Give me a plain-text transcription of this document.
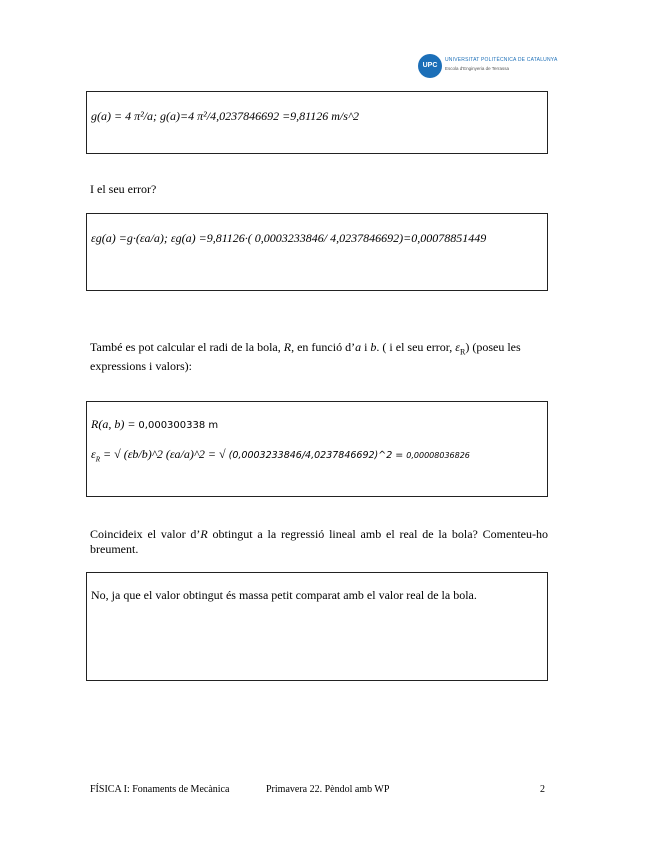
UPC
UNIVERSITAT POLITÈCNICA DE CATALUNYA
Escola d'Enginyeria de Terrassa
g(a) = 4 π²/a; g(a)=4 π²/4,0237846692 =9,81126 m/s^2
I el seu error?
εg(a) =g·(εa/a); εg(a) =9,81126·( 0,0003233846/ 4,0237846692)=0,00078851449
També es pot calcular el radi de la bola, R, en funció d’a i b. ( i el seu error, $\varepsilon_R$) (poseu les expressions i valors):
R(a, b) = 0,000300338 m
$\varepsilon_R$ = √ (εb/b)^2 (εa/a)^2 = √ (0,0003233846/4,0237846692)^2 = 0,00008036826
Coincideix el valor d’R obtingut a la regressió lineal amb el real de la bola? Comenteu-ho breument.
No, ja que el valor obtingut és massa petit comparat amb el valor real de la bola.
FÍSICA I: Fonaments de Mecànica	Primavera 22. Pèndol amb WP	2
